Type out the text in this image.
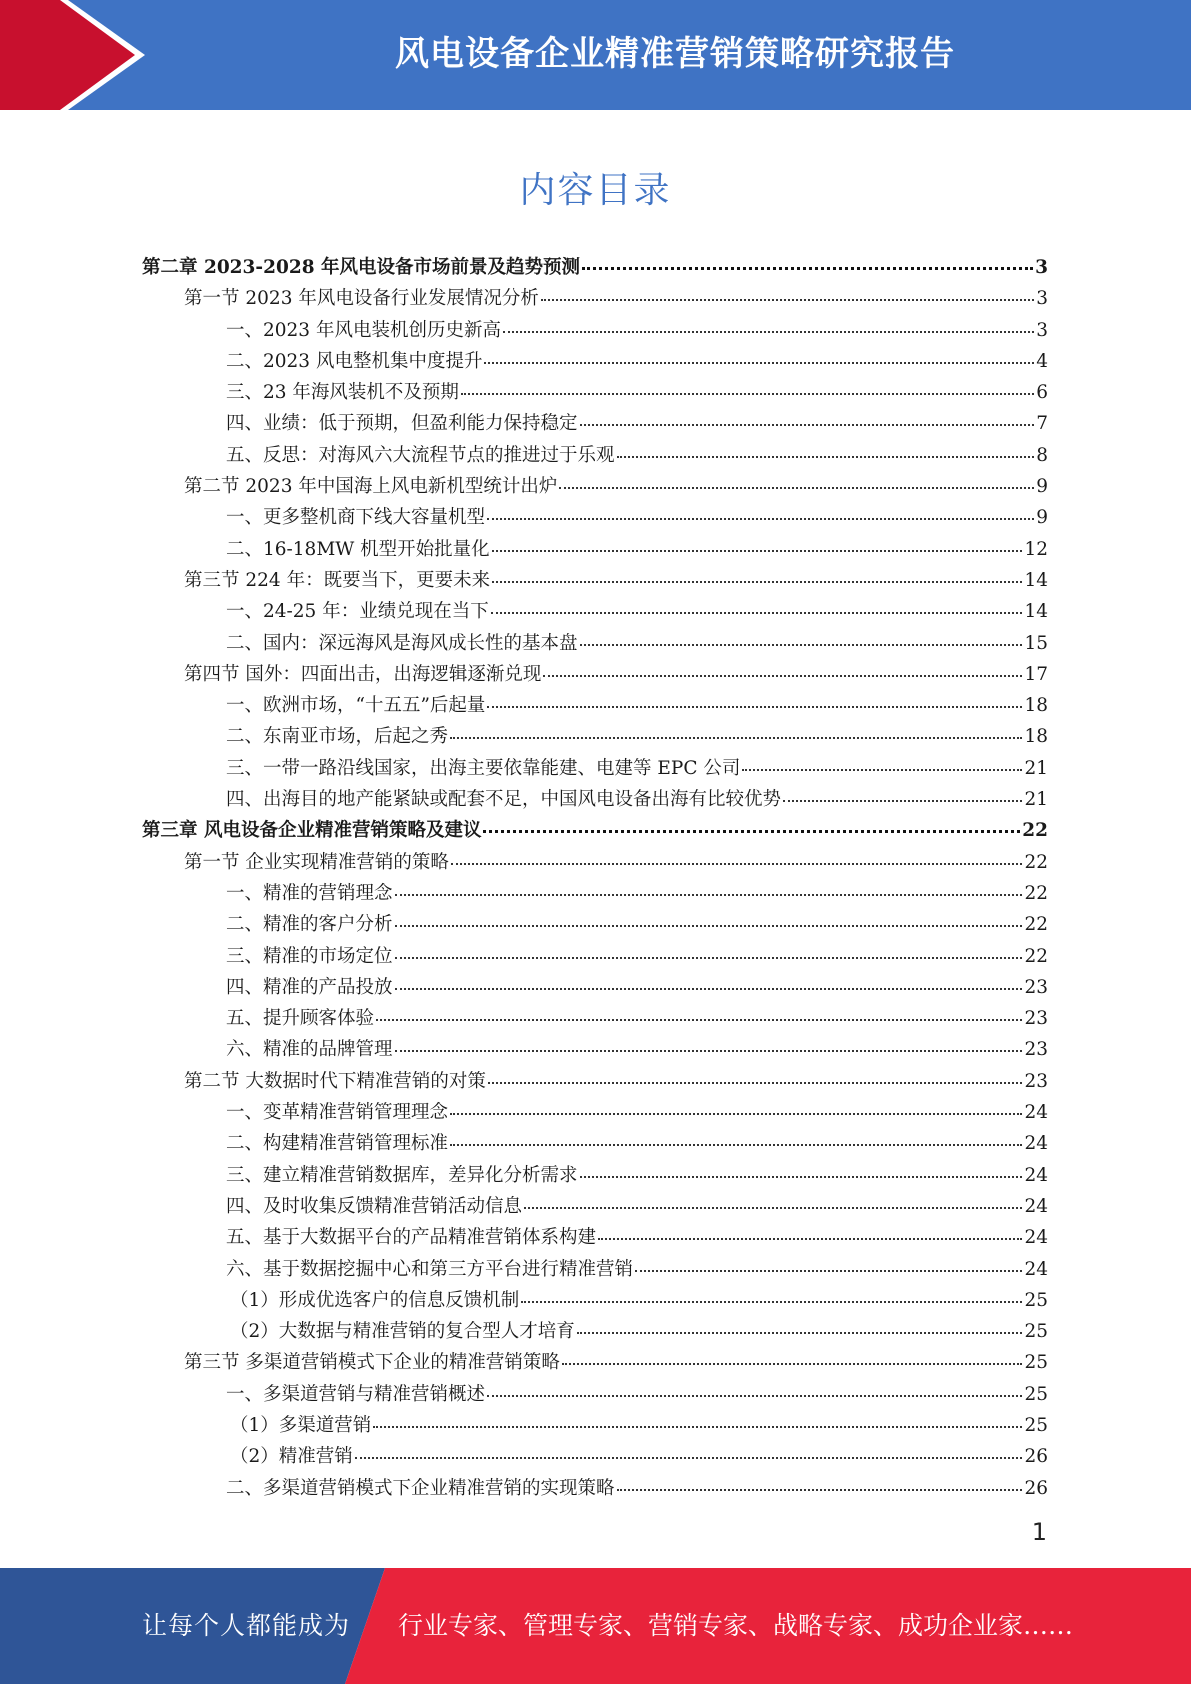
风电设备企业精准营销策略研究报告
内容目录
第二章 2023-2028 年风电设备市场前景及趋势预测	3
第一节 2023 年风电设备行业发展情况分析	3
一、2023 年风电装机创历史新高	3
二、2023 风电整机集中度提升	4
三、23 年海风装机不及预期	6
四、业绩：低于预期，但盈利能力保持稳定	7
五、反思：对海风六大流程节点的推进过于乐观	8
第二节 2023 年中国海上风电新机型统计出炉	9
一、更多整机商下线大容量机型	9
二、16-18MW 机型开始批量化	12
第三节 224 年：既要当下，更要未来	14
一、24-25 年：业绩兑现在当下	14
二、国内：深远海风是海风成长性的基本盘	15
第四节 国外：四面出击，出海逻辑逐渐兑现	17
一、欧洲市场，“十五五”后起量	18
二、东南亚市场，后起之秀	18
三、一带一路沿线国家，出海主要依靠能建、电建等 EPC 公司	21
四、出海目的地产能紧缺或配套不足，中国风电设备出海有比较优势	21
第三章 风电设备企业精准营销策略及建议	22
第一节 企业实现精准营销的策略	22
一、精准的营销理念	22
二、精准的客户分析	22
三、精准的市场定位	22
四、精准的产品投放	23
五、提升顾客体验	23
六、精准的品牌管理	23
第二节 大数据时代下精准营销的对策	23
一、变革精准营销管理理念	24
二、构建精准营销管理标准	24
三、建立精准营销数据库，差异化分析需求	24
四、及时收集反馈精准营销活动信息	24
五、基于大数据平台的产品精准营销体系构建	24
六、基于数据挖掘中心和第三方平台进行精准营销	24
（1）形成优选客户的信息反馈机制	25
（2）大数据与精准营销的复合型人才培育	25
第三节 多渠道营销模式下企业的精准营销策略	25
一、多渠道营销与精准营销概述	25
（1）多渠道营销	25
（2）精准营销	26
二、多渠道营销模式下企业精准营销的实现策略	26
1
让每个人都能成为 行业专家、管理专家、营销专家、战略专家、成功企业家……
